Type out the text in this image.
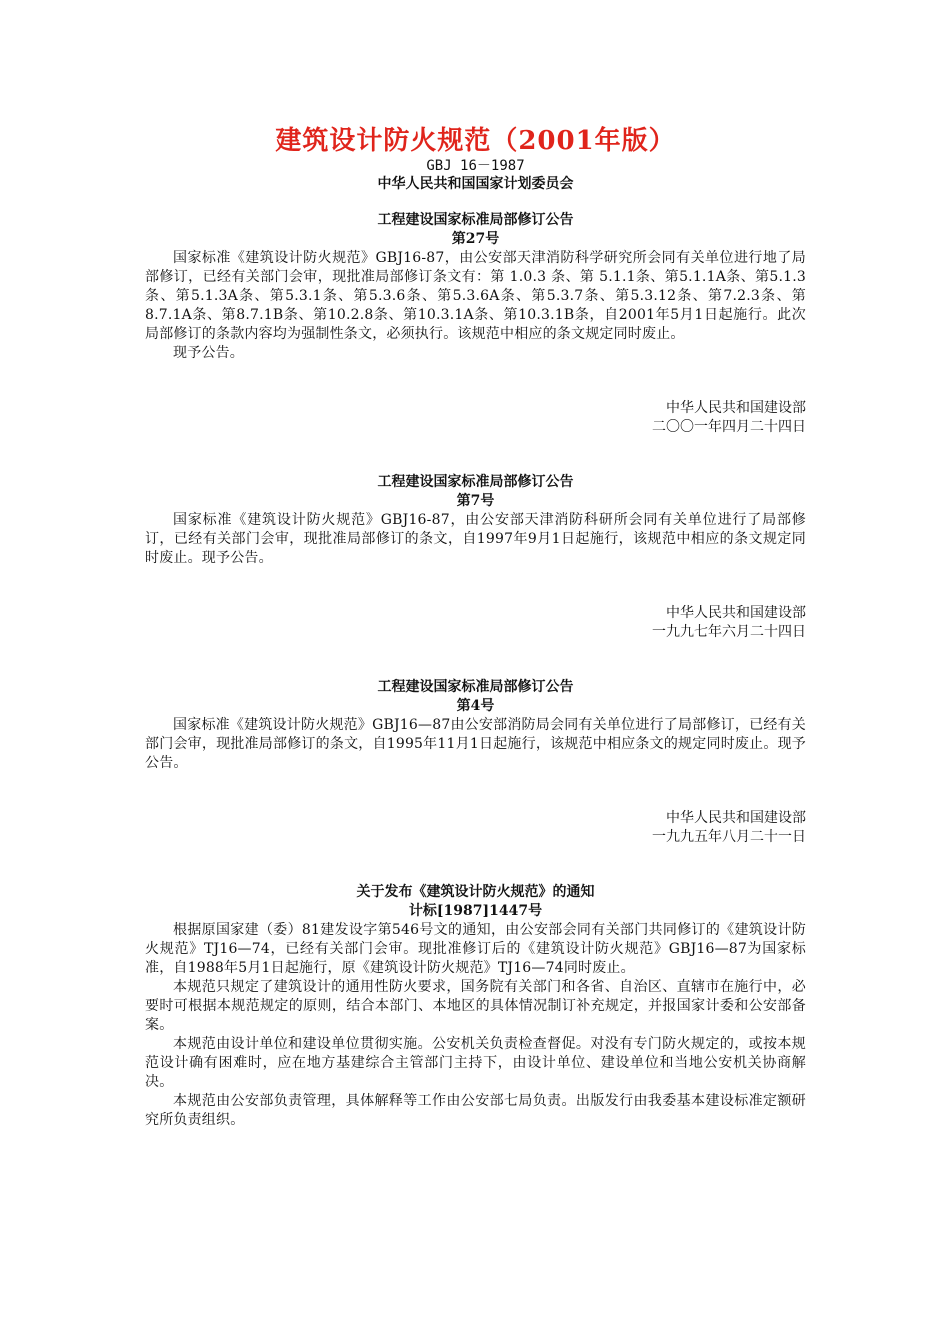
建筑设计防火规范（2001年版）
GBJ 16－1987
中华人民共和国国家计划委员会
工程建设国家标准局部修订公告
第27号

国家标准《建筑设计防火规范》GBJ16-87，由公安部天津消防科学研究所会同有关单位进行地了局部修订，已经有关部门会审，现批准局部修订条文有：第 1.0.3 条、第 5.1.1条、第5.1.1A条、第5.1.3条、第5.1.3A条、第5.3.1条、第5.3.6条、第5.3.6A条、第5.3.7条、第5.3.12条、第7.2.3条、第8.7.1A条、第8.7.1B条、第10.2.8条、第10.3.1A条、第10.3.1B条，自2001年5月1日起施行。此次局部修订的条款内容均为强制性条文，必须执行。该规范中相应的条文规定同时废止。

现予公告。

中华人民共和国建设部
二〇〇一年四月二十四日
工程建设国家标准局部修订公告
第7号

国家标准《建筑设计防火规范》GBJ16-87，由公安部天津消防科研所会同有关单位进行了局部修订，已经有关部门会审，现批准局部修订的条文，自1997年9月1日起施行，该规范中相应的条文规定同时废止。现予公告。

中华人民共和国建设部
一九九七年六月二十四日
工程建设国家标准局部修订公告
第4号

国家标准《建筑设计防火规范》GBJ16—87由公安部消防局会同有关单位进行了局部修订，已经有关部门会审，现批准局部修订的条文，自1995年11月1日起施行，该规范中相应条文的规定同时废止。现予公告。

中华人民共和国建设部
一九九五年八月二十一日
关于发布《建筑设计防火规范》的通知
计标[1987]1447号

根据原国家建（委）81建发设字第546号文的通知，由公安部会同有关部门共同修订的《建筑设计防火规范》TJ16—74，已经有关部门会审。现批准修订后的《建筑设计防火规范》GBJ16—87为国家标准，自1988年5月1日起施行，原《建筑设计防火规范》TJ16—74同时废止。

本规范只规定了建筑设计的通用性防火要求，国务院有关部门和各省、自治区、直辖市在施行中，必要时可根据本规范规定的原则，结合本部门、本地区的具体情况制订补充规定，并报国家计委和公安部备案。

本规范由设计单位和建设单位贯彻实施。公安机关负责检查督促。对没有专门防火规定的，或按本规范设计确有困难时，应在地方基建综合主管部门主持下，由设计单位、建设单位和当地公安机关协商解决。

本规范由公安部负责管理，具体解释等工作由公安部七局负责。出版发行由我委基本建设标准定额研究所负责组织。
